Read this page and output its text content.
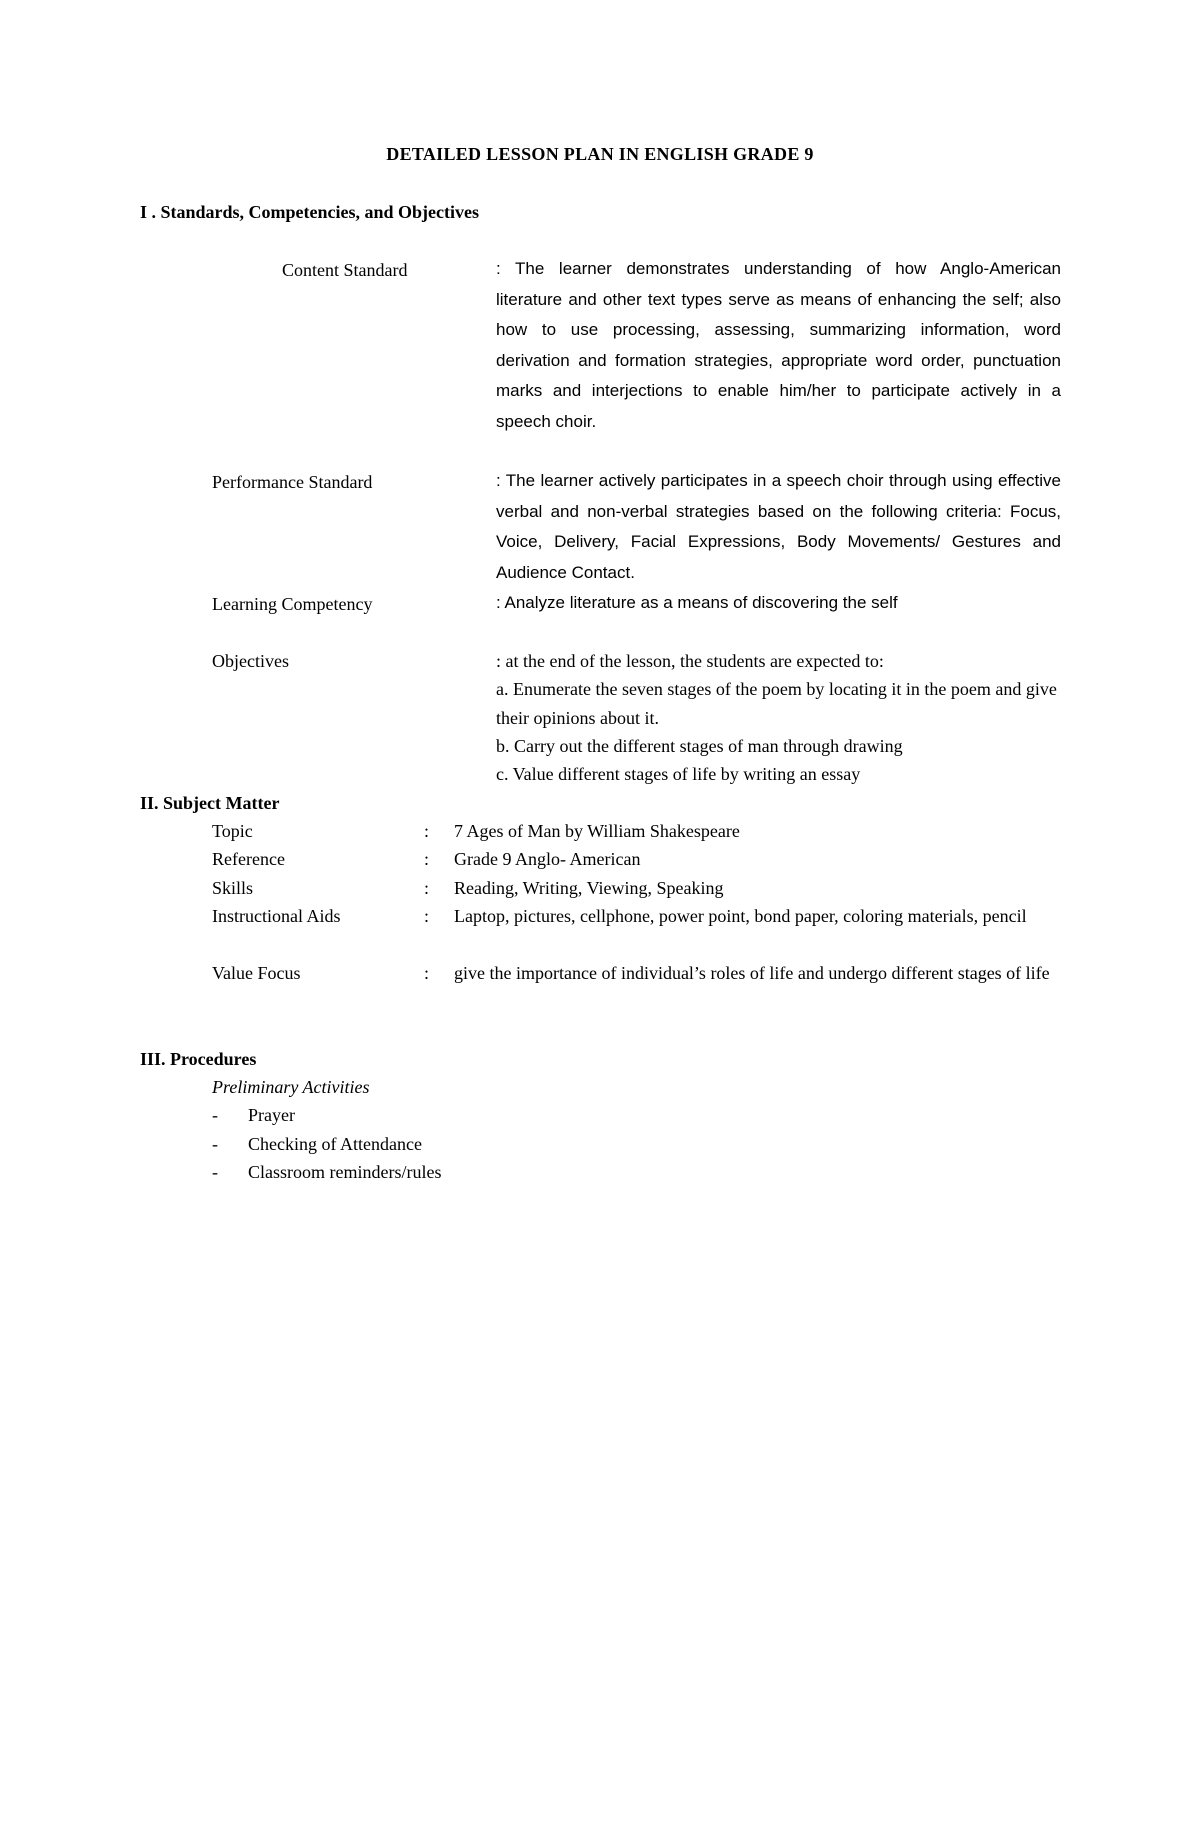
DETAILED LESSON PLAN IN ENGLISH GRADE 9
I . Standards, Competencies, and Objectives
Content Standard	: The learner demonstrates understanding of how Anglo-American literature and other text types serve as means of enhancing the self; also how to use processing, assessing, summarizing information, word derivation and formation strategies, appropriate word order, punctuation marks and interjections to enable him/her to participate actively in a speech choir.
Performance Standard	: The learner actively participates in a speech choir through using effective verbal and non-verbal strategies based on the following criteria: Focus, Voice, Delivery, Facial Expressions, Body Movements/ Gestures and Audience Contact.
Learning Competency	: Analyze literature as a means of discovering the self
Objectives	: at the end of the lesson, the students are expected to:
a. Enumerate the seven stages of the poem by locating it in the poem and give their opinions about it.
b. Carry out the different stages of man through drawing
c. Value different stages of life by writing an essay
II. Subject Matter
Topic	: 7 Ages of Man by William Shakespeare
Reference	: Grade 9 Anglo- American
Skills	: Reading, Writing, Viewing, Speaking
Instructional Aids	: Laptop, pictures, cellphone, power point, bond paper, coloring materials, pencil
Value Focus	: give the importance of individual’s roles of life and undergo different stages of life
III. Procedures
Preliminary Activities
-	Prayer
-	Checking of Attendance
-	Classroom reminders/rules
